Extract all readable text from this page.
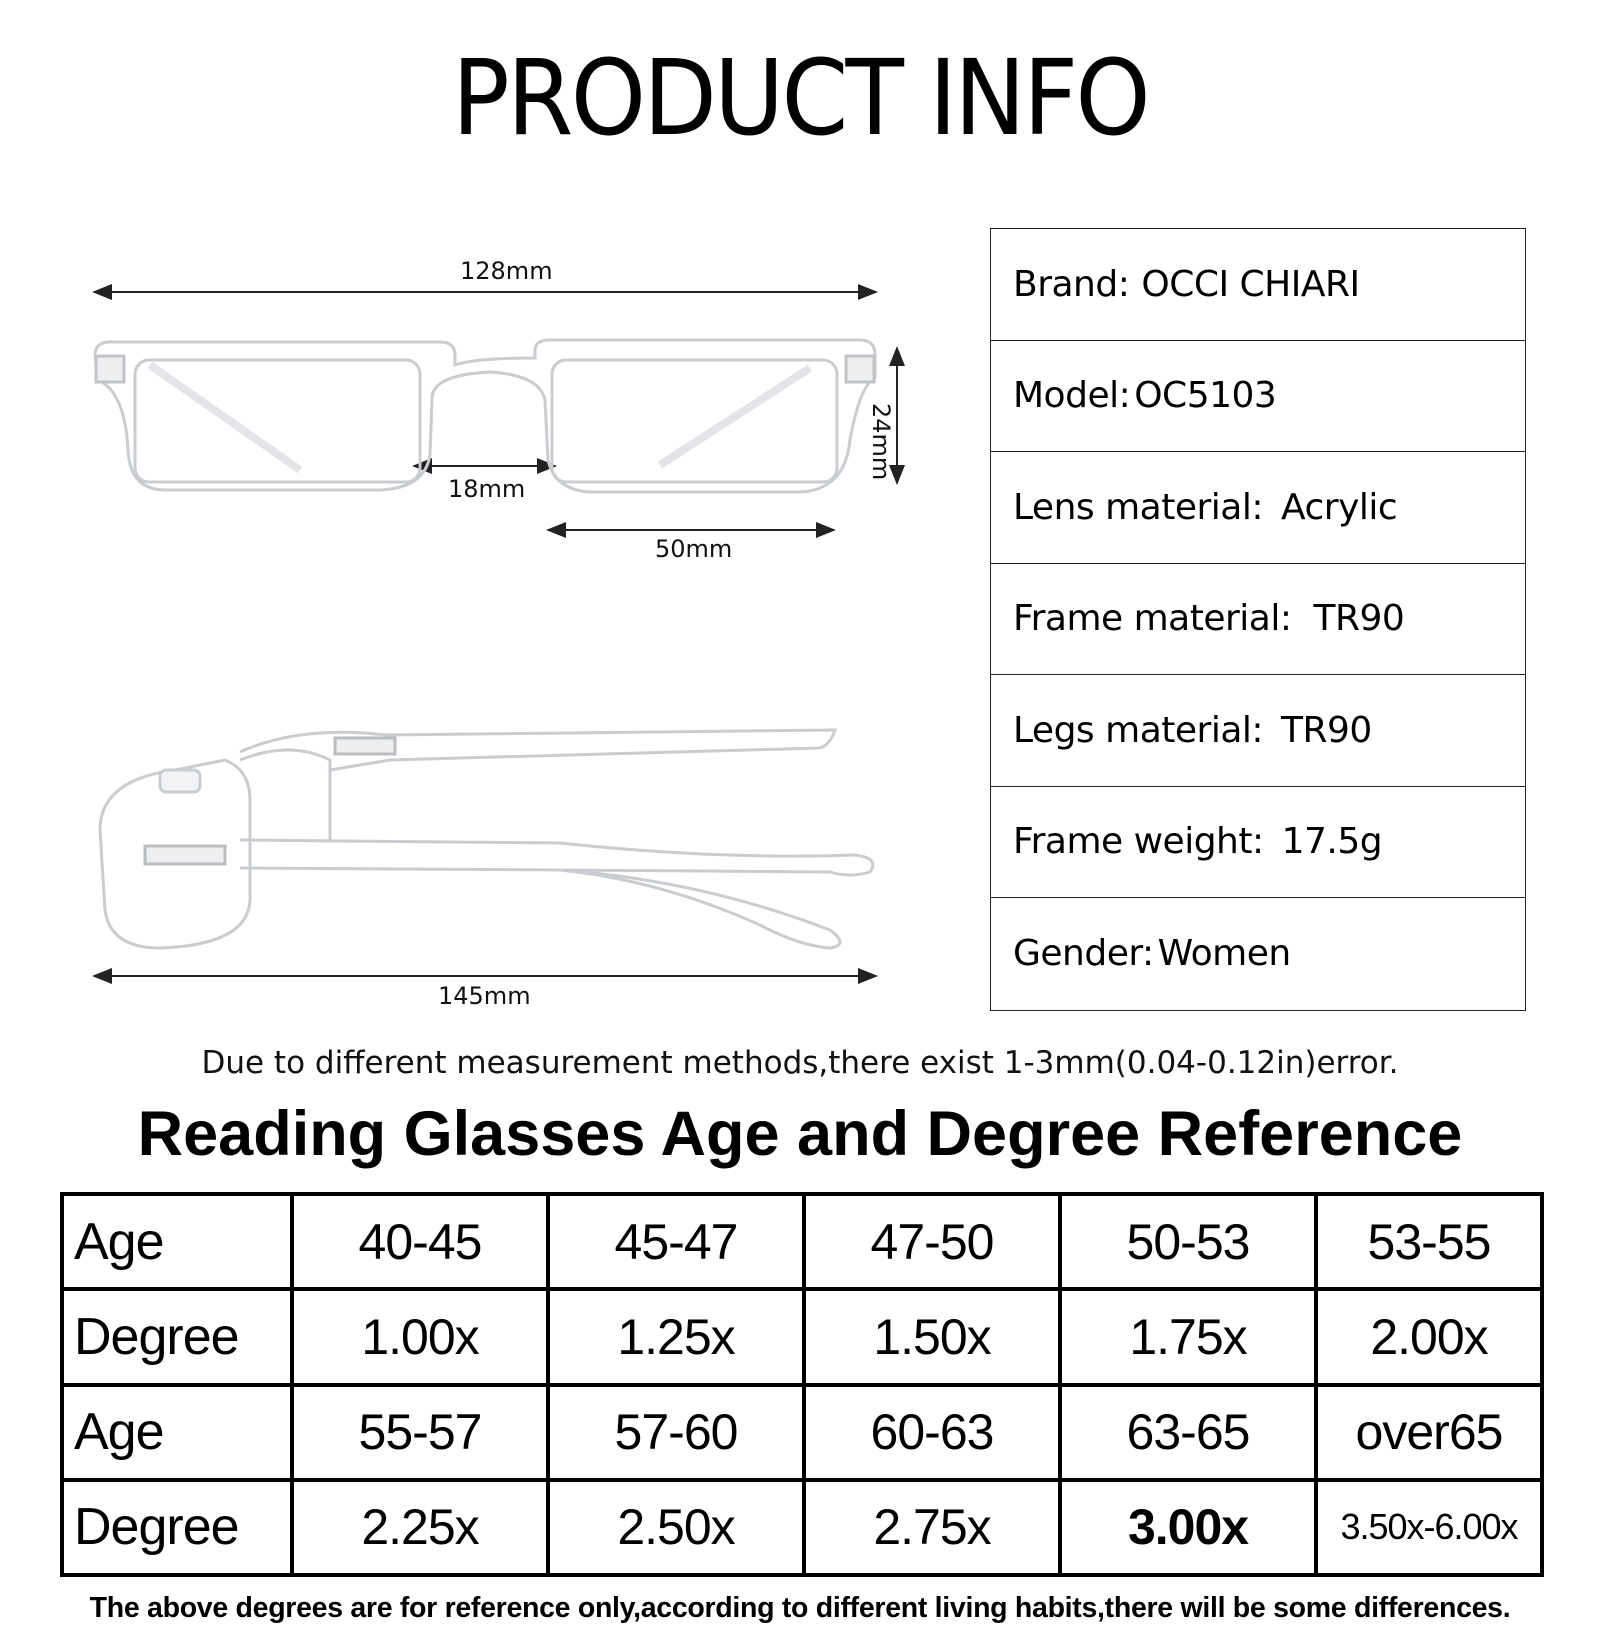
PRODUCT INFO
128mm
24mm
18mm
50mm
145mm
Brand: OCCI CHIARI
Model: OC5103
Lens material: Acrylic
Frame material: TR90
Legs material: TR90
Frame weight: 17.5g
Gender: Women
Due to different measurement methods,there exist 1-3mm(0.04-0.12in)error.
Reading Glasses Age and Degree Reference
Age	40-45	45-47	47-50	50-53	53-55
Degree	1.00x	1.25x	1.50x	1.75x	2.00x
Age	55-57	57-60	60-63	63-65	over65
Degree	2.25x	2.50x	2.75x	3.00x	3.50x-6.00x
The above degrees are for reference only,according to different living habits,there will be some differences.
